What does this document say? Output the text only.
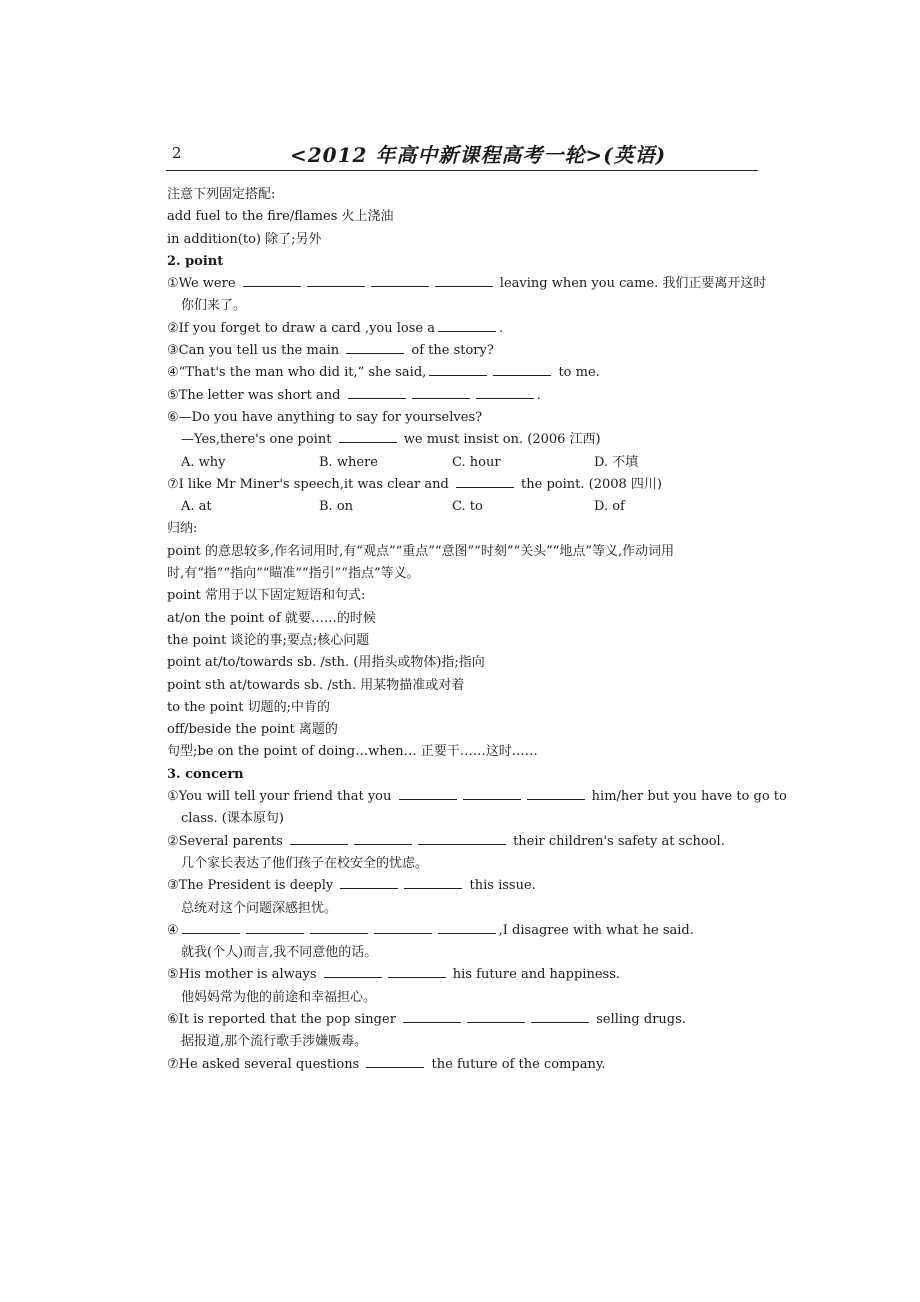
2	<2012 年高中新课程高考一轮>(英语)
注意下列固定搭配:
add fuel to the fire/flames 火上浇油
in addition(to) 除了;另外
2. point
①We were	leaving when you came. 我们正要离开这时
你们来了。
②If you forget to draw a card ,you lose a	.
③Can you tell us the main	of the story?
④“That's the man who did it,” she said,	to me.
⑤The letter was short and	.
⑥—Do you have anything to say for yourselves?
—Yes,there's one point	we must insist on. (2006 江西)
A. why	B. where	C. hour	D. 不填
⑦I like Mr Miner's speech,it was clear and	the point. (2008 四川)
A. at	B. on	C. to	D. of
归纳:
point 的意思较多,作名词用时,有“观点”“重点”“意图”“时刻”“关头”“地点”等义,作动词用
时,有“指”“指向”“瞄准”“指引”“指点”等义。
point 常用于以下固定短语和句式:
at/on the point of 就要……的时候
the point 谈论的事;要点;核心问题
point at/to/towards sb. /sth. (用指头或物体)指;指向
point sth at/towards sb. /sth. 用某物描准或对着
to the point 切题的;中肯的
off/beside the point 离题的
句型;be on the point of doing…when… 正要干……这时……
3. concern
①You will tell your friend that you	him/her but you have to go to
class. (课本原句)
②Several parents	their children's safety at school.
几个家长表达了他们孩子在校安全的忧虑。
③The President is deeply	this issue.
总统对这个问题深感担忧。
④	,I disagree with what he said.
就我(个人)而言,我不同意他的话。
⑤His mother is always	his future and happiness.
他妈妈常为他的前途和幸福担心。
⑥It is reported that the pop singer	selling drugs.
据报道,那个流行歌手涉嫌贩毒。
⑦He asked several questions	the future of the company.
